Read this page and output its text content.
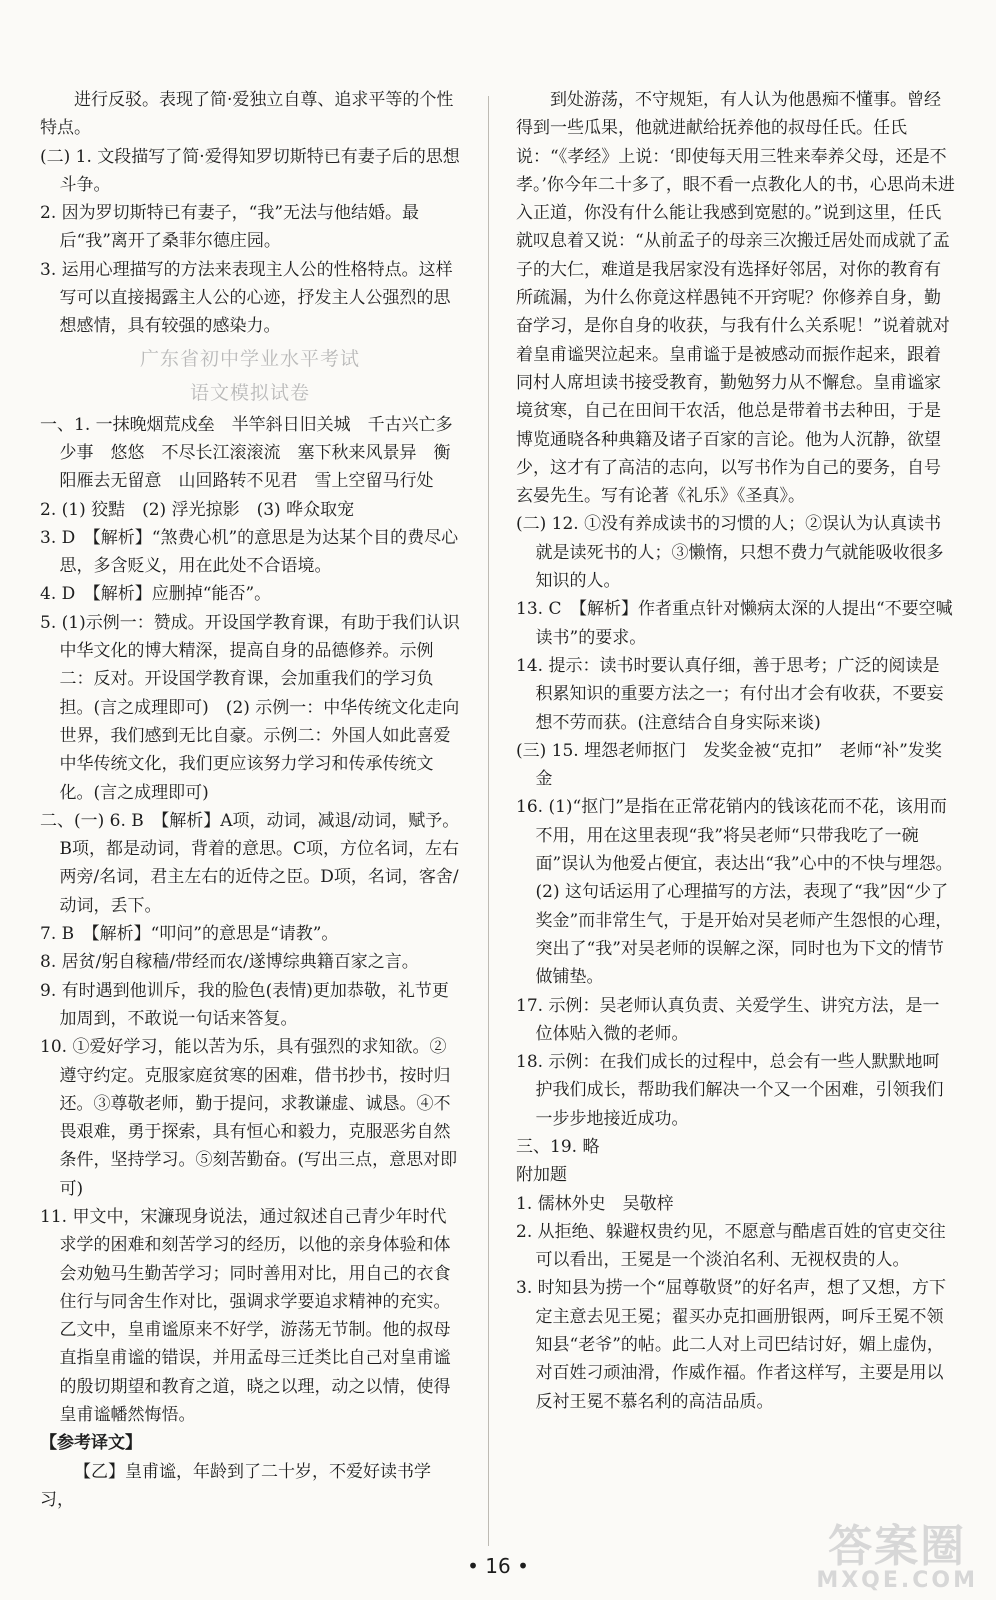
进行反驳。表现了简·爱独立自尊、追求平等的个性特点。
(二) 1. 文段描写了简·爱得知罗切斯特已有妻子后的思想斗争。
2. 因为罗切斯特已有妻子，“我”无法与他结婚。最后“我”离开了桑菲尔德庄园。
3. 运用心理描写的方法来表现主人公的性格特点。这样写可以直接揭露主人公的心迹，抒发主人公强烈的思想感情，具有较强的感染力。
广东省初中学业水平考试
语文模拟试卷
一、1. 一抹晚烟荒戍垒　半竿斜日旧关城　千古兴亡多少事　悠悠　不尽长江滚滚流　塞下秋来风景异　衡阳雁去无留意　山回路转不见君　雪上空留马行处
2. (1) 狡黠　(2) 浮光掠影　(3) 哗众取宠
3. D　【解析】“煞费心机”的意思是为达某个目的费尽心思，多含贬义，用在此处不合语境。
4. D　【解析】应删掉“能否”。
5. (1)示例一：赞成。开设国学教育课，有助于我们认识中华文化的博大精深，提高自身的品德修养。示例二：反对。开设国学教育课，会加重我们的学习负担。(言之成理即可)　(2) 示例一：中华传统文化走向世界，我们感到无比自豪。示例二：外国人如此喜爱中华传统文化，我们更应该努力学习和传承传统文化。(言之成理即可)
二、(一) 6. B　【解析】A项，动词，减退/动词，赋予。B项，都是动词，背着的意思。C项，方位名词，左右两旁/名词，君主左右的近侍之臣。D项，名词，客舍/动词，丢下。
7. B　【解析】“叩问”的意思是“请教”。
8. 居贫/躬自稼穑/带经而农/遂博综典籍百家之言。
9. 有时遇到他训斥，我的脸色(表情)更加恭敬，礼节更加周到，不敢说一句话来答复。
10. ①爱好学习，能以苦为乐，具有强烈的求知欲。②遵守约定。克服家庭贫寒的困难，借书抄书，按时归还。③尊敬老师，勤于提问，求教谦虚、诚恳。④不畏艰难，勇于探索，具有恒心和毅力，克服恶劣自然条件，坚持学习。⑤刻苦勤奋。(写出三点，意思对即可)
11. 甲文中，宋濂现身说法，通过叙述自己青少年时代求学的困难和刻苦学习的经历，以他的亲身体验和体会劝勉马生勤苦学习；同时善用对比，用自己的衣食住行与同舍生作对比，强调求学要追求精神的充实。乙文中，皇甫谧原来不好学，游荡无节制。他的叔母直指皇甫谧的错误，并用孟母三迁类比自己对皇甫谧的殷切期望和教育之道，晓之以理，动之以情，使得皇甫谧幡然悔悟。
【参考译文】
【乙】皇甫谧，年龄到了二十岁，不爱好读书学习，
到处游荡，不守规矩，有人认为他愚痴不懂事。曾经得到一些瓜果，他就进献给抚养他的叔母任氏。任氏说：“《孝经》上说：‘即使每天用三牲来奉养父母，还是不孝。’你今年二十多了，眼不看一点教化人的书，心思尚未进入正道，你没有什么能让我感到宽慰的。”说到这里，任氏就叹息着又说：“从前孟子的母亲三次搬迁居处而成就了孟子的大仁，难道是我居家没有选择好邻居，对你的教育有所疏漏，为什么你竟这样愚钝不开窍呢？你修养自身，勤奋学习，是你自身的收获，与我有什么关系呢！”说着就对着皇甫谧哭泣起来。皇甫谧于是被感动而振作起来，跟着同村人席坦读书接受教育，勤勉努力从不懈怠。皇甫谧家境贫寒，自己在田间干农活，他总是带着书去种田，于是博览通晓各种典籍及诸子百家的言论。他为人沉静，欲望少，这才有了高洁的志向，以写书作为自己的要务，自号玄晏先生。写有论著《礼乐》《圣真》。
(二) 12. ①没有养成读书的习惯的人；②误认为认真读书就是读死书的人；③懒惰，只想不费力气就能吸收很多知识的人。
13. C　【解析】作者重点针对懒病太深的人提出“不要空喊读书”的要求。
14. 提示：读书时要认真仔细，善于思考；广泛的阅读是积累知识的重要方法之一；有付出才会有收获，不要妄想不劳而获。(注意结合自身实际来谈)
(三) 15. 埋怨老师抠门　发奖金被“克扣”　老师“补”发奖金
16. (1)“抠门”是指在正常花销内的钱该花而不花，该用而不用，用在这里表现“我”将吴老师“只带我吃了一碗面”误认为他爱占便宜，表达出“我”心中的不快与埋怨。　(2) 这句话运用了心理描写的方法，表现了“我”因“少了奖金”而非常生气，于是开始对吴老师产生怨恨的心理，突出了“我”对吴老师的误解之深，同时也为下文的情节做铺垫。
17. 示例：吴老师认真负责、关爱学生、讲究方法，是一位体贴入微的老师。
18. 示例：在我们成长的过程中，总会有一些人默默地呵护我们成长，帮助我们解决一个又一个困难，引领我们一步步地接近成功。
三、19. 略
附加题
1. 儒林外史　吴敬梓
2. 从拒绝、躲避权贵约见，不愿意与酷虐百姓的官吏交往可以看出，王冕是一个淡泊名利、无视权贵的人。
3. 时知县为捞一个“屈尊敬贤”的好名声，想了又想，方下定主意去见王冕；翟买办克扣画册银两，呵斥王冕不领知县“老爷”的帖。此二人对上司巴结讨好，媚上虚伪，对百姓刁顽油滑，作威作福。作者这样写，主要是用以反衬王冕不慕名利的高洁品质。
• 16 •	答案圈
MXQE.COM
